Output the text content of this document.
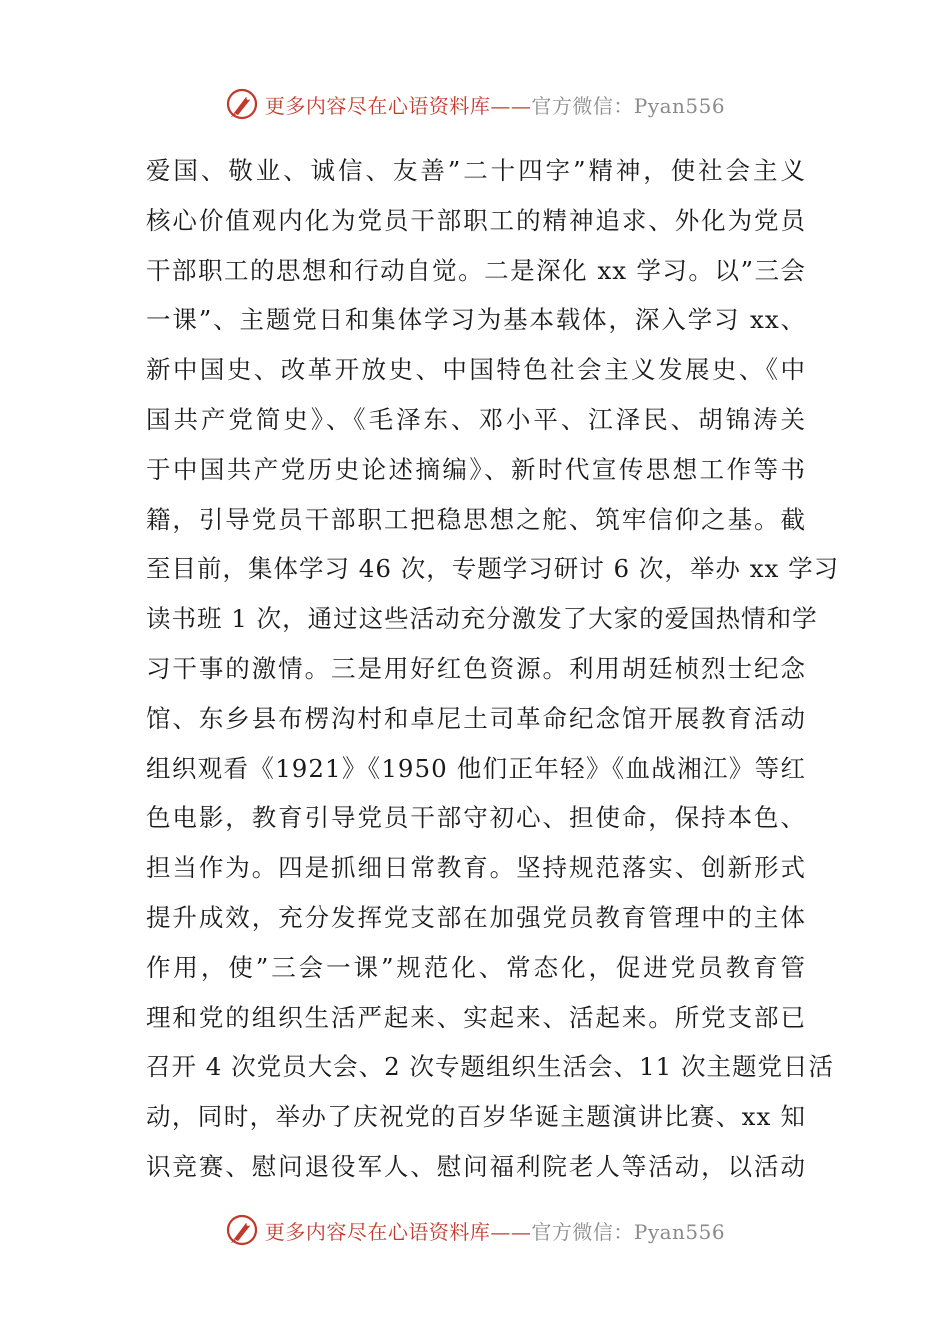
更多内容尽在心语资料库——官方微信：Pyan556
爱国、敬业、诚信、友善”二十四字”精神，使社会主义
核心价值观内化为党员干部职工的精神追求、外化为党员
干部职工的思想和行动自觉。二是深化 xx 学习。以”三会
一课”、主题党日和集体学习为基本载体，深入学习 xx、
新中国史、改革开放史、中国特色社会主义发展史、《中
国共产党简史》、《毛泽东、邓小平、江泽民、胡锦涛关
于中国共产党历史论述摘编》、新时代宣传思想工作等书
籍，引导党员干部职工把稳思想之舵、筑牢信仰之基。截
至目前，集体学习 46 次，专题学习研讨 6 次，举办 xx 学习
读书班 1 次，通过这些活动充分激发了大家的爱国热情和学
习干事的激情。三是用好红色资源。利用胡廷桢烈士纪念
馆、东乡县布楞沟村和卓尼土司革命纪念馆开展教育活动
组织观看《1921》《1950 他们正年轻》《血战湘江》等红
色电影，教育引导党员干部守初心、担使命，保持本色、
担当作为。四是抓细日常教育。坚持规范落实、创新形式
提升成效，充分发挥党支部在加强党员教育管理中的主体
作用，使”三会一课”规范化、常态化，促进党员教育管
理和党的组织生活严起来、实起来、活起来。所党支部已
召开 4 次党员大会、2 次专题组织生活会、11 次主题党日活
动，同时，举办了庆祝党的百岁华诞主题演讲比赛、xx 知
识竞赛、慰问退役军人、慰问福利院老人等活动，以活动
更多内容尽在心语资料库——官方微信：Pyan556
